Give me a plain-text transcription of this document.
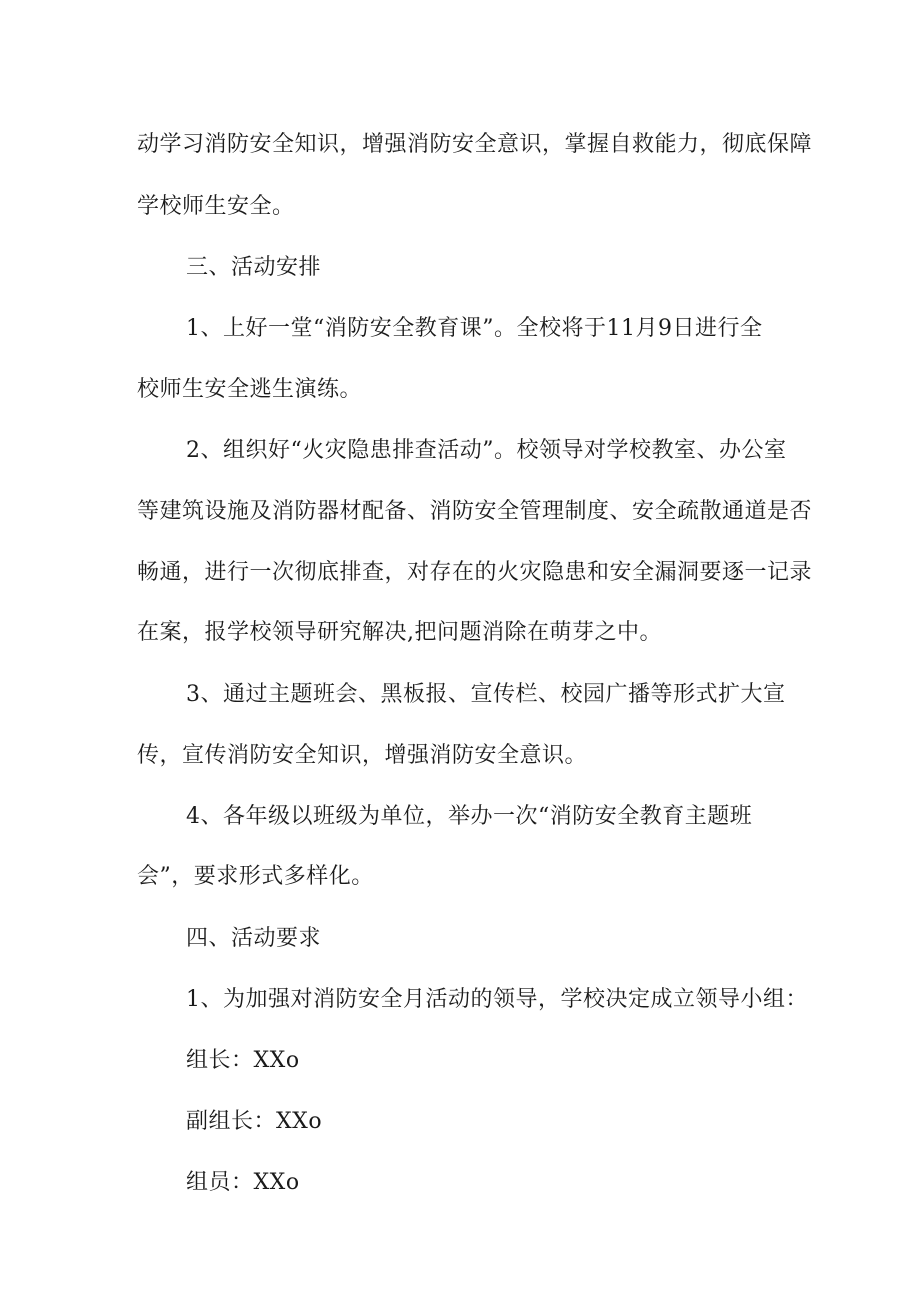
动学习消防安全知识，增强消防安全意识，掌握自救能力，彻底保障
学校师生安全。
三、活动安排
1、上好一堂“消防安全教育课”。全校将于11月9日进行全
校师生安全逃生演练。
2、组织好“火灾隐患排查活动”。校领导对学校教室、办公室
等建筑设施及消防器材配备、消防安全管理制度、安全疏散通道是否
畅通，进行一次彻底排查，对存在的火灾隐患和安全漏洞要逐一记录
在案，报学校领导研究解决,把问题消除在萌芽之中。
3、通过主题班会、黑板报、宣传栏、校园广播等形式扩大宣
传，宣传消防安全知识，增强消防安全意识。
4、各年级以班级为单位，举办一次“消防安全教育主题班
会”，要求形式多样化。
四、活动要求
1、为加强对消防安全月活动的领导，学校决定成立领导小组：
组长：XXo
副组长：XXo
组员：XXo
